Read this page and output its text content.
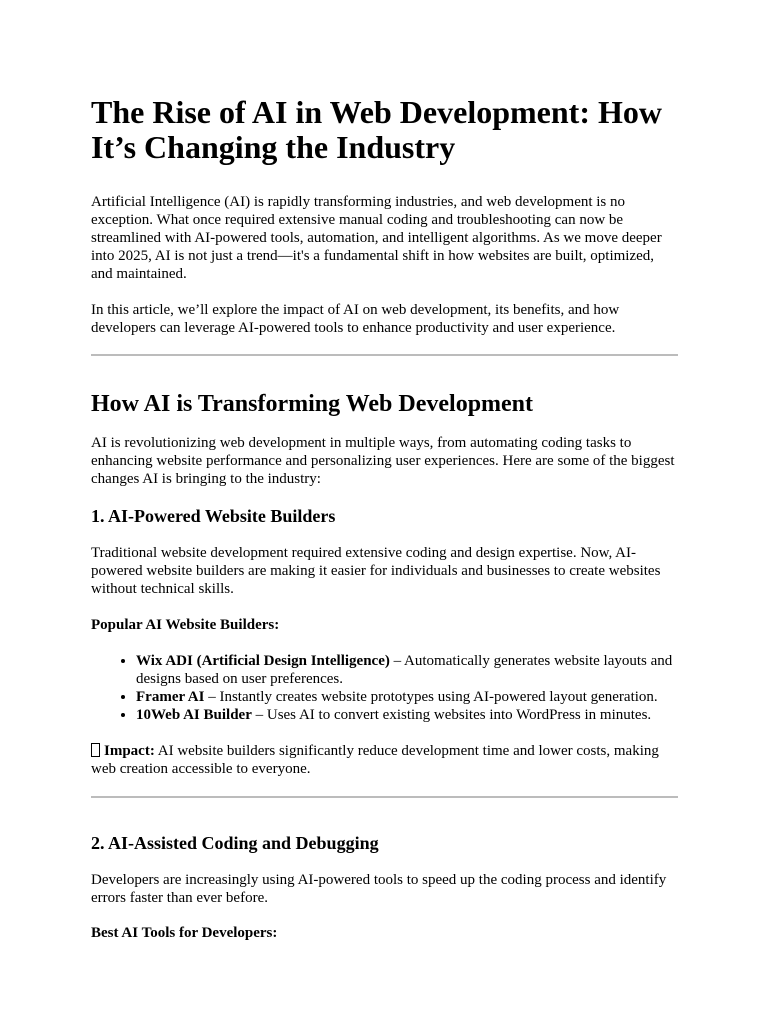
The Rise of AI in Web Development: How It’s Changing the Industry

Artificial Intelligence (AI) is rapidly transforming industries, and web development is no exception. What once required extensive manual coding and troubleshooting can now be streamlined with AI-powered tools, automation, and intelligent algorithms. As we move deeper into 2025, AI is not just a trend—it's a fundamental shift in how websites are built, optimized, and maintained.

In this article, we’ll explore the impact of AI on web development, its benefits, and how developers can leverage AI-powered tools to enhance productivity and user experience.

How AI is Transforming Web Development

AI is revolutionizing web development in multiple ways, from automating coding tasks to enhancing website performance and personalizing user experiences. Here are some of the biggest changes AI is bringing to the industry:

1. AI-Powered Website Builders

Traditional website development required extensive coding and design expertise. Now, AI-powered website builders are making it easier for individuals and businesses to create websites without technical skills.

Popular AI Website Builders:

• Wix ADI (Artificial Design Intelligence) – Automatically generates website layouts and designs based on user preferences.
• Framer AI – Instantly creates website prototypes using AI-powered layout generation.
• 10Web AI Builder – Uses AI to convert existing websites into WordPress in minutes.

Impact: AI website builders significantly reduce development time and lower costs, making web creation accessible to everyone.

2. AI-Assisted Coding and Debugging

Developers are increasingly using AI-powered tools to speed up the coding process and identify errors faster than ever before.

Best AI Tools for Developers:
